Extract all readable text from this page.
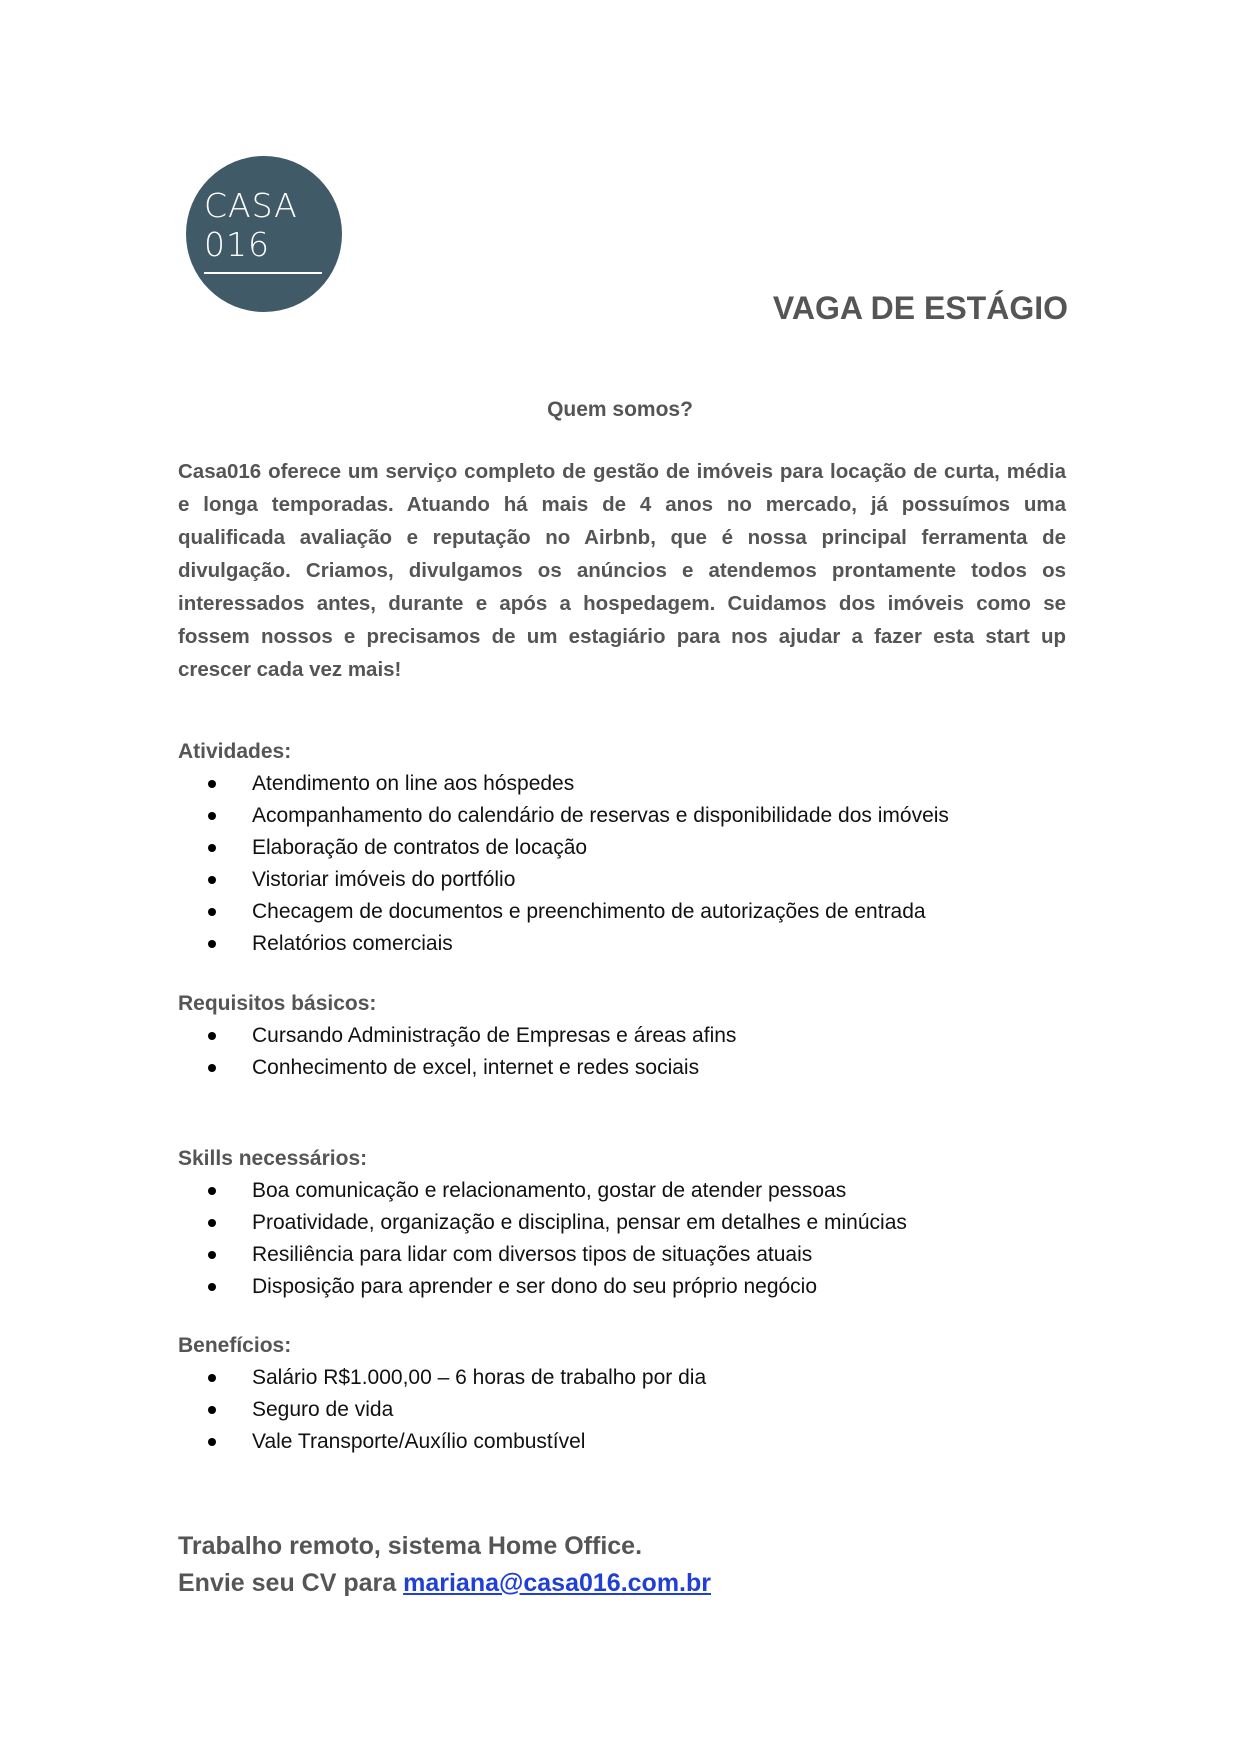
CASA
016
VAGA DE ESTÁGIO
Quem somos?
Casa016 oferece um serviço completo de gestão de imóveis para locação de curta, média e longa temporadas. Atuando há mais de 4 anos no mercado, já possuímos uma qualificada avaliação e reputação no Airbnb, que é nossa principal ferramenta de divulgação. Criamos, divulgamos os anúncios e atendemos prontamente todos os interessados antes, durante e após a hospedagem. Cuidamos dos imóveis como se fossem nossos e precisamos de um estagiário para nos ajudar a fazer esta start up crescer cada vez mais!
Atividades:
Atendimento on line aos hóspedes
Acompanhamento do calendário de reservas e disponibilidade dos imóveis
Elaboração de contratos de locação
Vistoriar imóveis do portfólio
Checagem de documentos e preenchimento de autorizações de entrada
Relatórios comerciais
Requisitos básicos:
Cursando Administração de Empresas e áreas afins
Conhecimento de excel, internet e redes sociais
Skills necessários:
Boa comunicação e relacionamento, gostar de atender pessoas
Proatividade, organização e disciplina, pensar em detalhes e minúcias
Resiliência para lidar com diversos tipos de situações atuais
Disposição para aprender e ser dono do seu próprio negócio
Benefícios:
Salário R$1.000,00 – 6 horas de trabalho por dia
Seguro de vida
Vale Transporte/Auxílio combustível
Trabalho remoto, sistema Home Office.
Envie seu CV para mariana@casa016.com.br
